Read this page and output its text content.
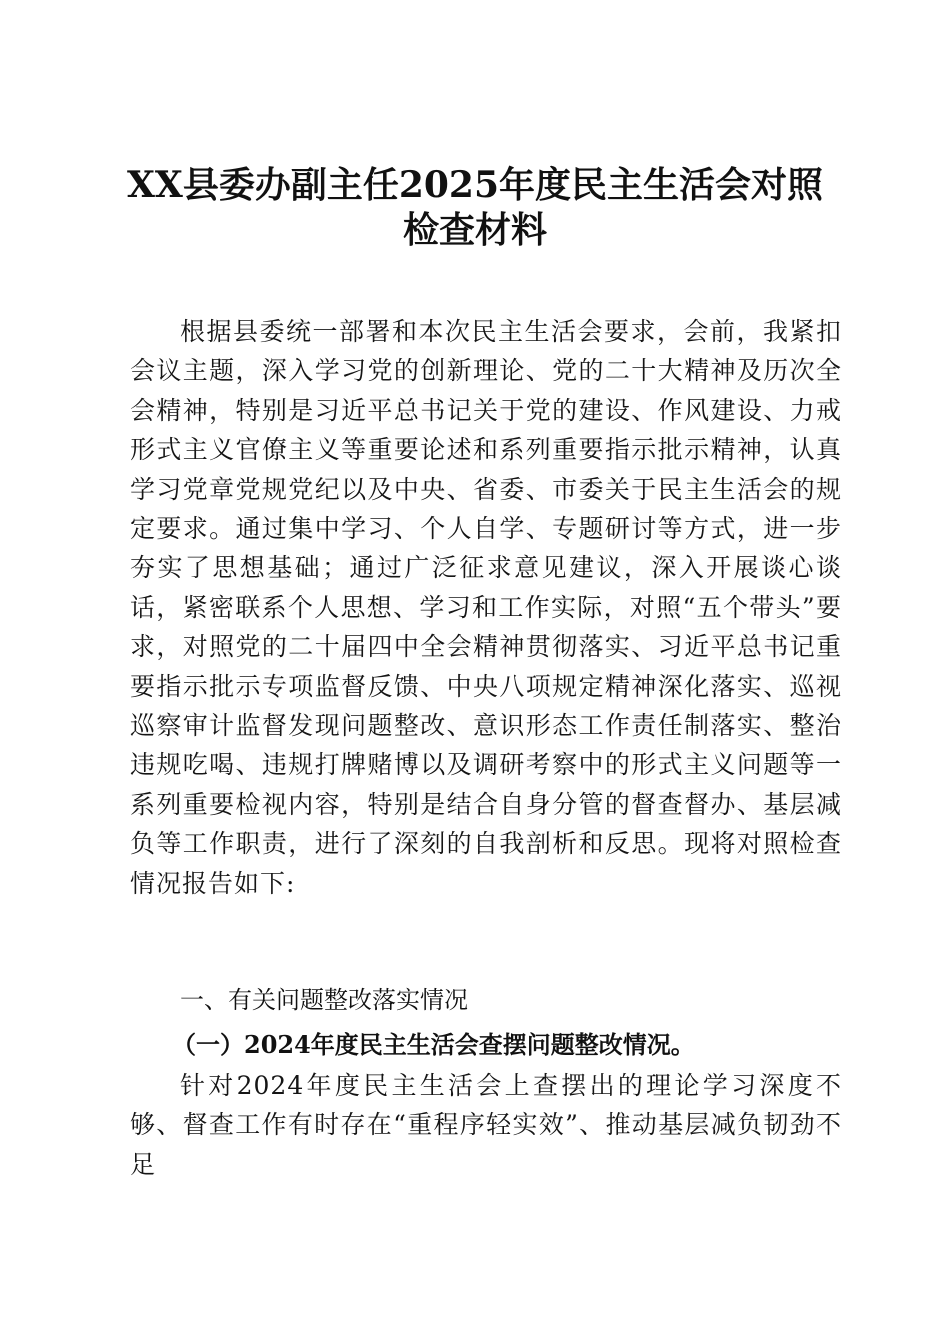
XX县委办副主任2025年度民主生活会对照检查材料
根据县委统一部署和本次民主生活会要求，会前，我紧扣会议主题，深入学习党的创新理论、党的二十大精神及历次全会精神，特别是习近平总书记关于党的建设、作风建设、力戒形式主义官僚主义等重要论述和系列重要指示批示精神，认真学习党章党规党纪以及中央、省委、市委关于民主生活会的规定要求。通过集中学习、个人自学、专题研讨等方式，进一步夯实了思想基础；通过广泛征求意见建议，深入开展谈心谈话，紧密联系个人思想、学习和工作实际，对照“五个带头”要求，对照党的二十届四中全会精神贯彻落实、习近平总书记重要指示批示专项监督反馈、中央八项规定精神深化落实、巡视巡察审计监督发现问题整改、意识形态工作责任制落实、整治违规吃喝、违规打牌赌博以及调研考察中的形式主义问题等一系列重要检视内容，特别是结合自身分管的督查督办、基层减负等工作职责，进行了深刻的自我剖析和反思。现将对照检查情况报告如下:
一、有关问题整改落实情况
（一）2024年度民主生活会查摆问题整改情况。
针对2024年度民主生活会上查摆出的理论学习深度不够、督查工作有时存在“重程序轻实效”、推动基层减负韧劲不足
